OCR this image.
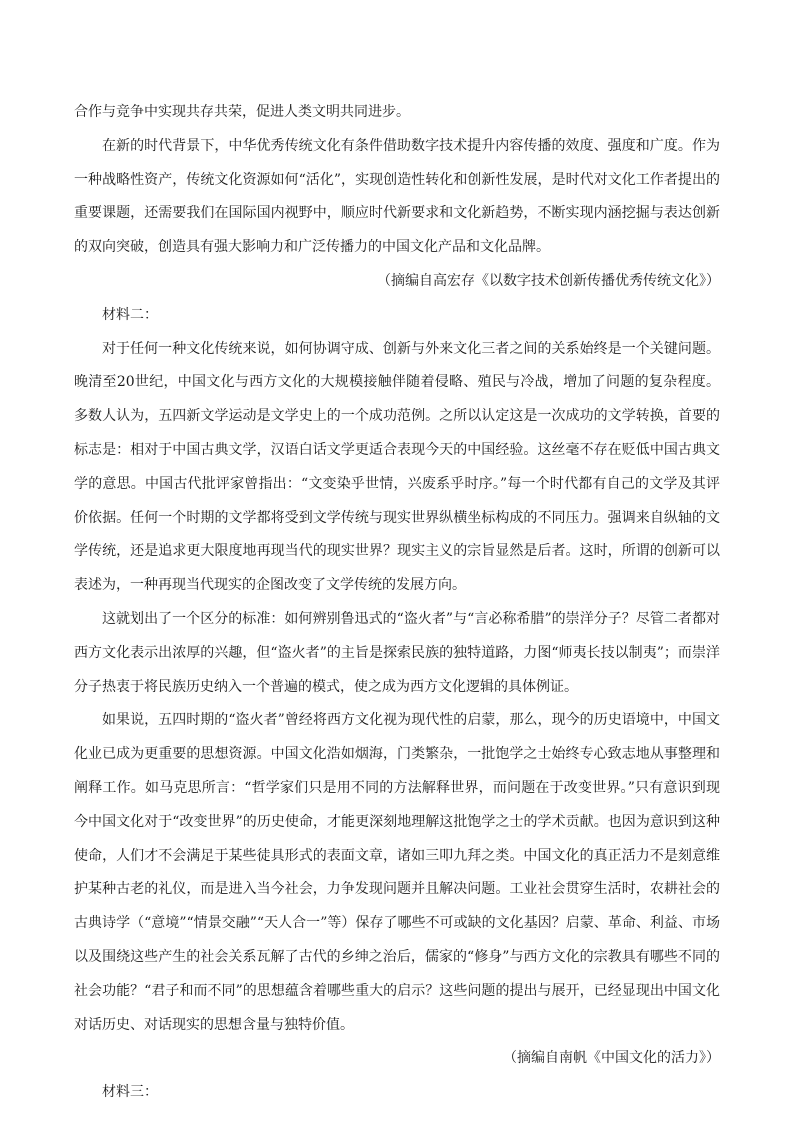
合作与竞争中实现共存共荣，促进人类文明共同进步。

在新的时代背景下，中华优秀传统文化有条件借助数字技术提升内容传播的效度、强度和广度。作为一种战略性资产，传统文化资源如何“活化”，实现创造性转化和创新性发展，是时代对文化工作者提出的重要课题，还需要我们在国际国内视野中，顺应时代新要求和文化新趋势，不断实现内涵挖掘与表达创新的双向突破，创造具有强大影响力和广泛传播力的中国文化产品和文化品牌。

（摘编自高宏存《以数字技术创新传播优秀传统文化》）

材料二：

对于任何一种文化传统来说，如何协调守成、创新与外来文化三者之间的关系始终是一个关键问题。晚清至20世纪，中国文化与西方文化的大规模接触伴随着侵略、殖民与冷战，增加了问题的复杂程度。多数人认为，五四新文学运动是文学史上的一个成功范例。之所以认定这是一次成功的文学转换，首要的标志是：相对于中国古典文学，汉语白话文学更适合表现今天的中国经验。这丝毫不存在贬低中国古典文学的意思。中国古代批评家曾指出：“文变染乎世情，兴废系乎时序。”每一个时代都有自己的文学及其评价依据。任何一个时期的文学都将受到文学传统与现实世界纵横坐标构成的不同压力。强调来自纵轴的文学传统，还是追求更大限度地再现当代的现实世界？现实主义的宗旨显然是后者。这时，所谓的创新可以表述为，一种再现当代现实的企图改变了文学传统的发展方向。

这就划出了一个区分的标准：如何辨别鲁迅式的“盗火者”与“言必称希腊”的崇洋分子？尽管二者都对西方文化表示出浓厚的兴趣，但“盗火者”的主旨是探索民族的独特道路，力图“师夷长技以制夷”；而崇洋分子热衷于将民族历史纳入一个普遍的模式，使之成为西方文化逻辑的具体例证。

如果说，五四时期的“盗火者”曾经将西方文化视为现代性的启蒙，那么，现今的历史语境中，中国文化业已成为更重要的思想资源。中国文化浩如烟海，门类繁杂，一批饱学之士始终专心致志地从事整理和阐释工作。如马克思所言：“哲学家们只是用不同的方法解释世界，而问题在于改变世界。”只有意识到现今中国文化对于“改变世界”的历史使命，才能更深刻地理解这批饱学之士的学术贡献。也因为意识到这种使命，人们才不会满足于某些徒具形式的表面文章，诸如三叩九拜之类。中国文化的真正活力不是刻意维护某种古老的礼仪，而是进入当今社会，力争发现问题并且解决问题。工业社会贯穿生活时，农耕社会的古典诗学（“意境”“情景交融”“天人合一”等）保存了哪些不可或缺的文化基因？启蒙、革命、利益、市场以及围绕这些产生的社会关系瓦解了古代的乡绅之治后，儒家的“修身”与西方文化的宗教具有哪些不同的社会功能？“君子和而不同”的思想蕴含着哪些重大的启示？这些问题的提出与展开，已经显现出中国文化对话历史、对话现实的思想含量与独特价值。

（摘编自南帆《中国文化的活力》）

材料三：
